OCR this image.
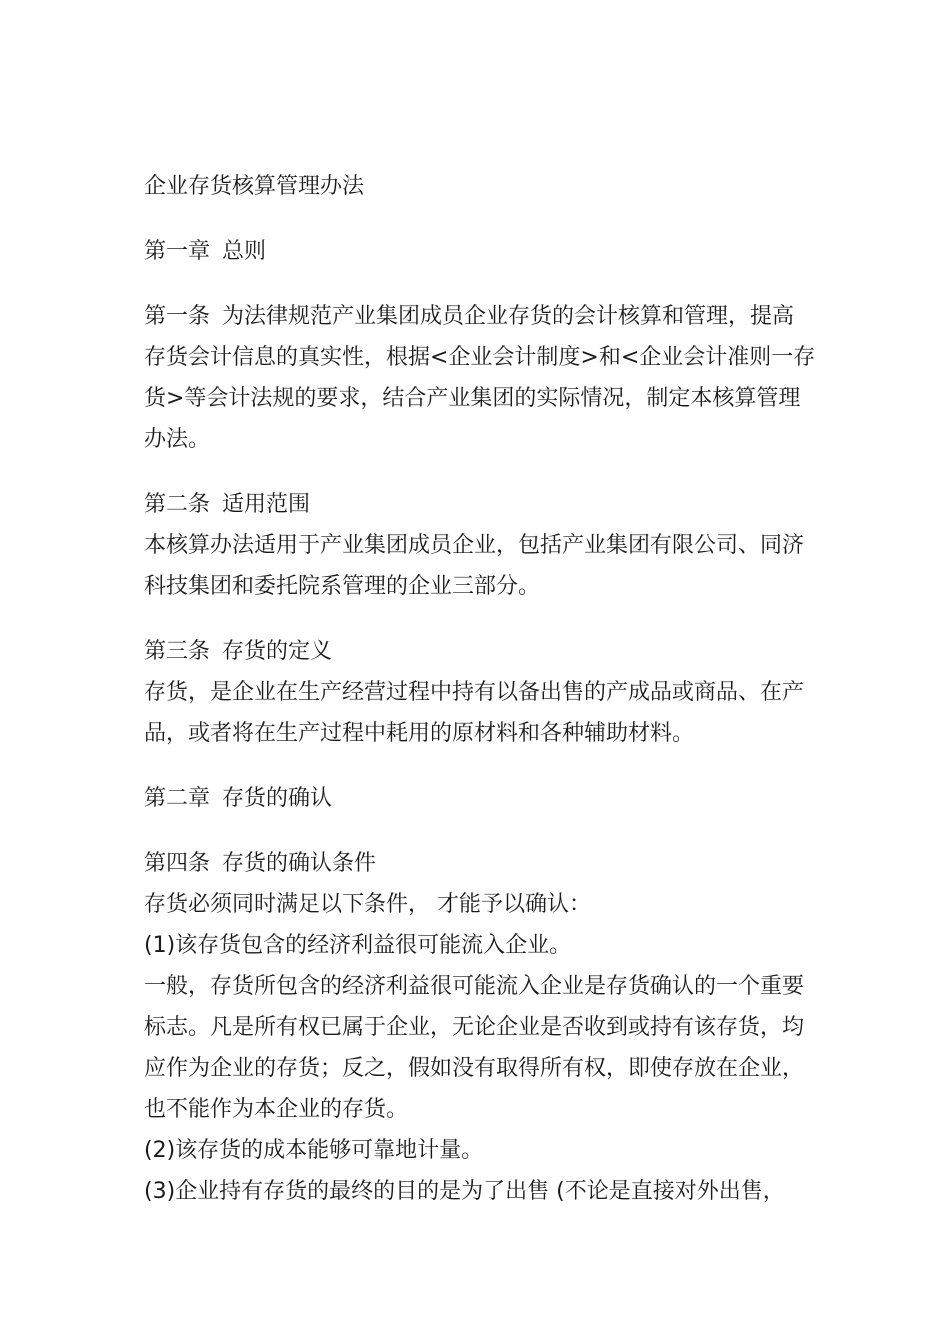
企业存货核算管理办法

第一章 总则

第一条 为法律规范产业集团成员企业存货的会计核算和管理，提高存货会计信息的真实性，根据<企业会计制度>和<企业会计准则一存货>等会计法规的要求，结合产业集团的实际情况，制定本核算管理办法。

第二条 适用范围

本核算办法适用于产业集团成员企业，包括产业集团有限公司、同济科技集团和委托院系管理的企业三部分。

第三条 存货的定义

存货，是企业在生产经营过程中持有以备出售的产成品或商品、在产品，或者将在生产过程中耗用的原材料和各种辅助材料。

第二章 存货的确认

第四条 存货的确认条件

存货必须同时满足以下条件， 才能予以确认：

(1)该存货包含的经济利益很可能流入企业。

一般，存货所包含的经济利益很可能流入企业是存货确认的一个重要标志。凡是所有权已属于企业，无论企业是否收到或持有该存货，均应作为企业的存货；反之，假如没有取得所有权，即使存放在企业，也不能作为本企业的存货。

(2)该存货的成本能够可靠地计量。

(3)企业持有存货的最终的目的是为了出售 (不论是直接对外出售，
